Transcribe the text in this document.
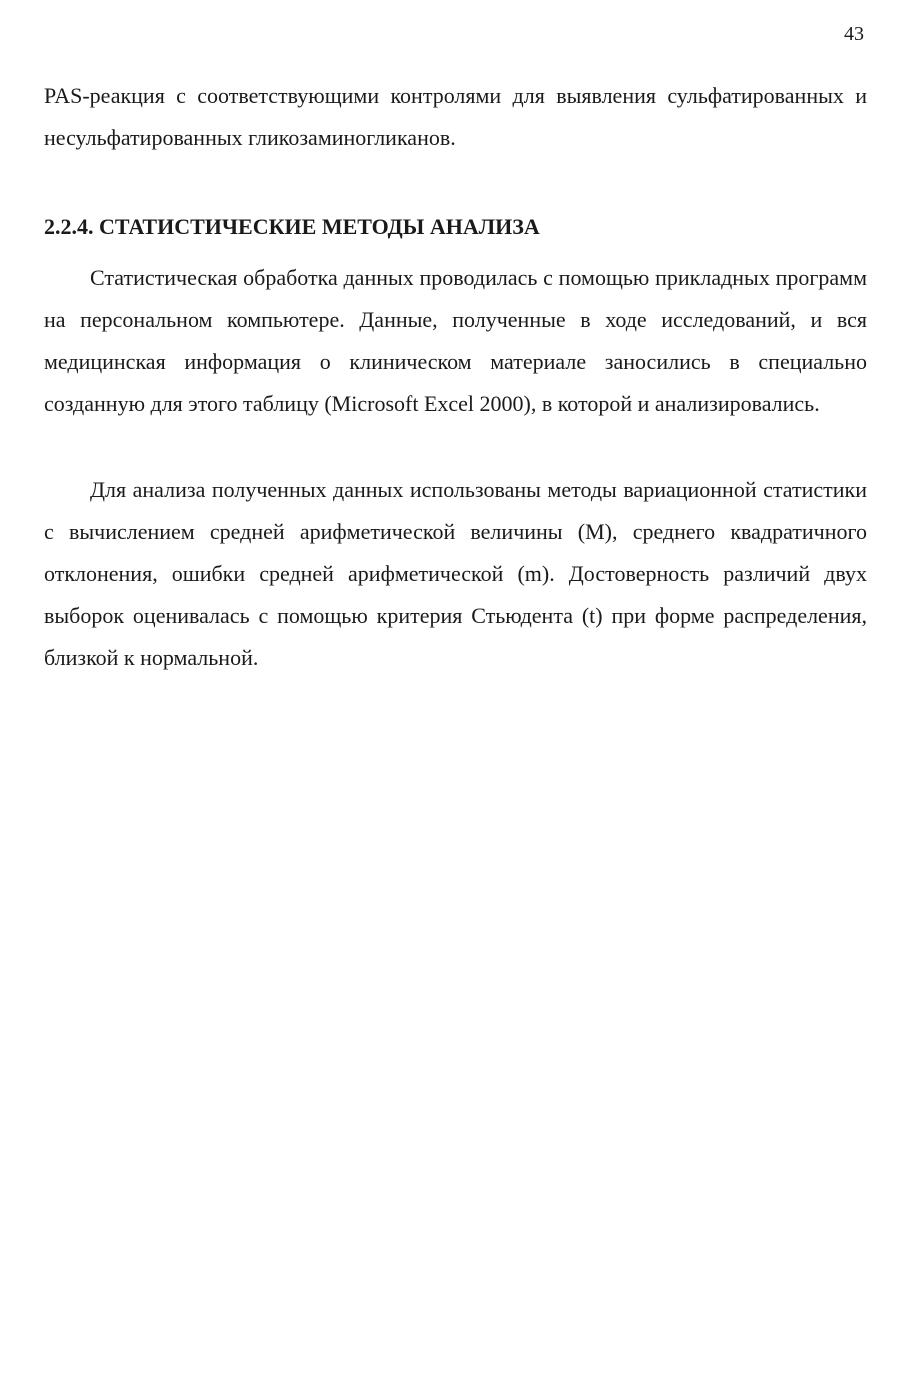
43

PAS-реакция с соответствующими контролями для выявления сульфатированных и несульфатированных гликозаминогликанов.

2.2.4. СТАТИСТИЧЕСКИЕ МЕТОДЫ АНАЛИЗА

Статистическая обработка данных проводилась с помощью прикладных программ на персональном компьютере. Данные, полученные в ходе исследований, и вся медицинская информация о клиническом материале заносились в специально созданную для этого таблицу (Microsoft Excel 2000), в которой и анализировались.

Для анализа полученных данных использованы методы вариационной статистики с вычислением средней арифметической величины (М), среднего квадратичного отклонения, ошибки средней арифметической (m). Достоверность различий двух выборок оценивалась с помощью критерия Стьюдента (t) при форме распределения, близкой к нормальной.
